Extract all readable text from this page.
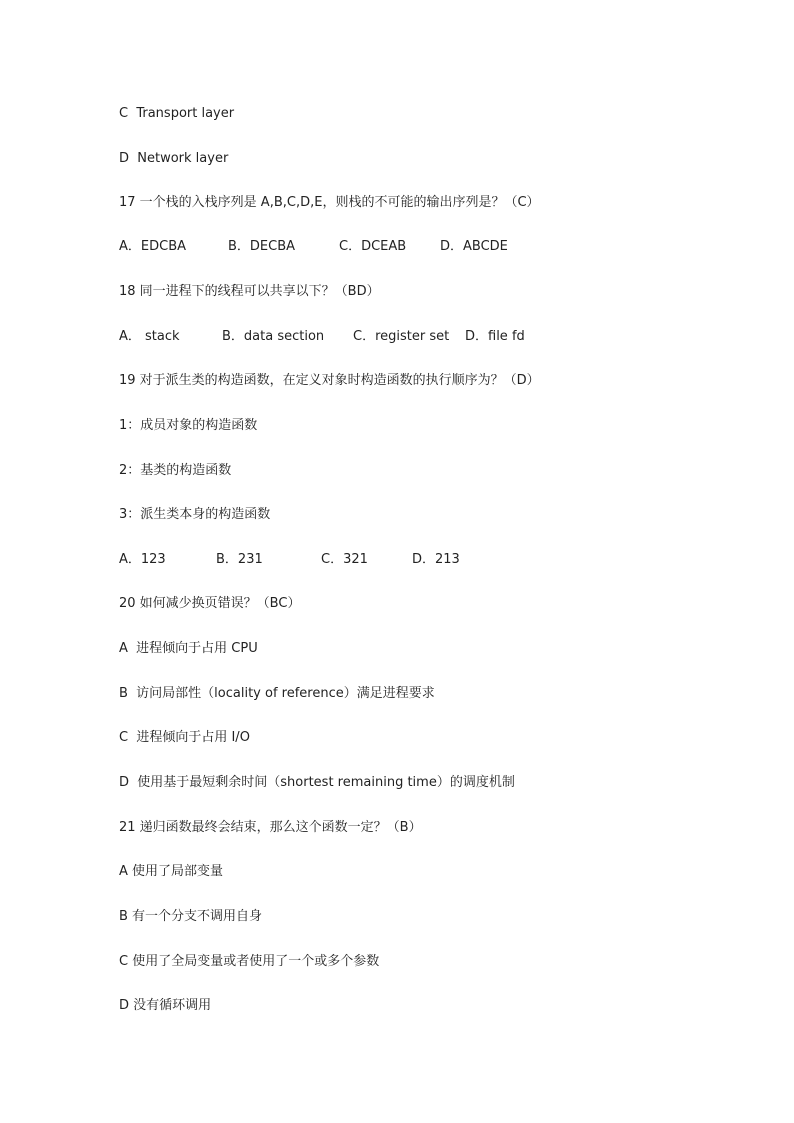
C  Transport layer
D  Network layer
17 一个栈的入栈序列是 A,B,C,D,E，则栈的不可能的输出序列是？（C）
A．EDCBA	B．DECBA	C．DCEAB	D．ABCDE
18 同一进程下的线程可以共享以下？（BD）
A． stack	B．data section C．register set D．file fd
19 对于派生类的构造函数，在定义对象时构造函数的执行顺序为？（D）
1：成员对象的构造函数
2：基类的构造函数
3：派生类本身的构造函数
A．123	B．231	C．321	D．213
20 如何减少换页错误？（BC）
A  进程倾向于占用 CPU
B  访问局部性（locality of reference）满足进程要求
C  进程倾向于占用 I/O
D  使用基于最短剩余时间（shortest remaining time）的调度机制
21 递归函数最终会结束，那么这个函数一定？（B）
A 使用了局部变量
B 有一个分支不调用自身
C 使用了全局变量或者使用了一个或多个参数
D 没有循环调用
